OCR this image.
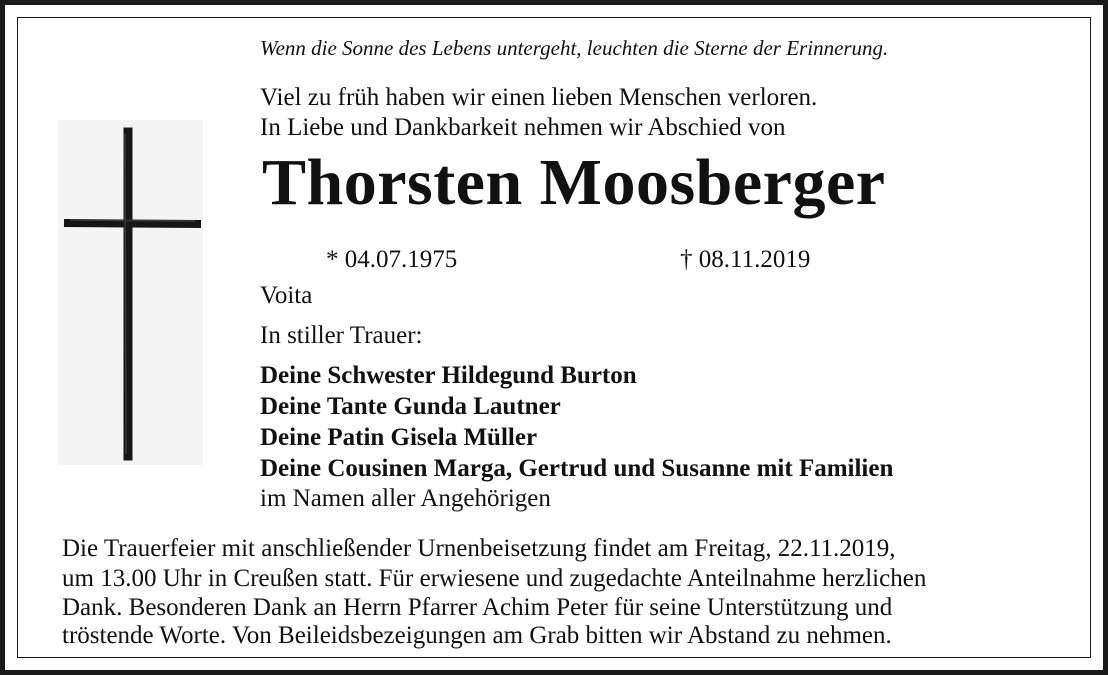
Wenn die Sonne des Lebens untergeht, leuchten die Sterne der Erinnerung.
Viel zu früh haben wir einen lieben Menschen verloren.
In Liebe und Dankbarkeit nehmen wir Abschied von
Thorsten Moosberger
* 04.07.1975	† 08.11.2019
Voita
In stiller Trauer:
Deine Schwester Hildegund Burton
Deine Tante Gunda Lautner
Deine Patin Gisela Müller
Deine Cousinen Marga, Gertrud und Susanne mit Familien
im Namen aller Angehörigen
Die Trauerfeier mit anschließender Urnenbeisetzung findet am Freitag, 22.11.2019,
um 13.00 Uhr in Creußen statt. Für erwiesene und zugedachte Anteilnahme herzlichen
Dank. Besonderen Dank an Herrn Pfarrer Achim Peter für seine Unterstützung und
tröstende Worte. Von Beileidsbezeigungen am Grab bitten wir Abstand zu nehmen.
